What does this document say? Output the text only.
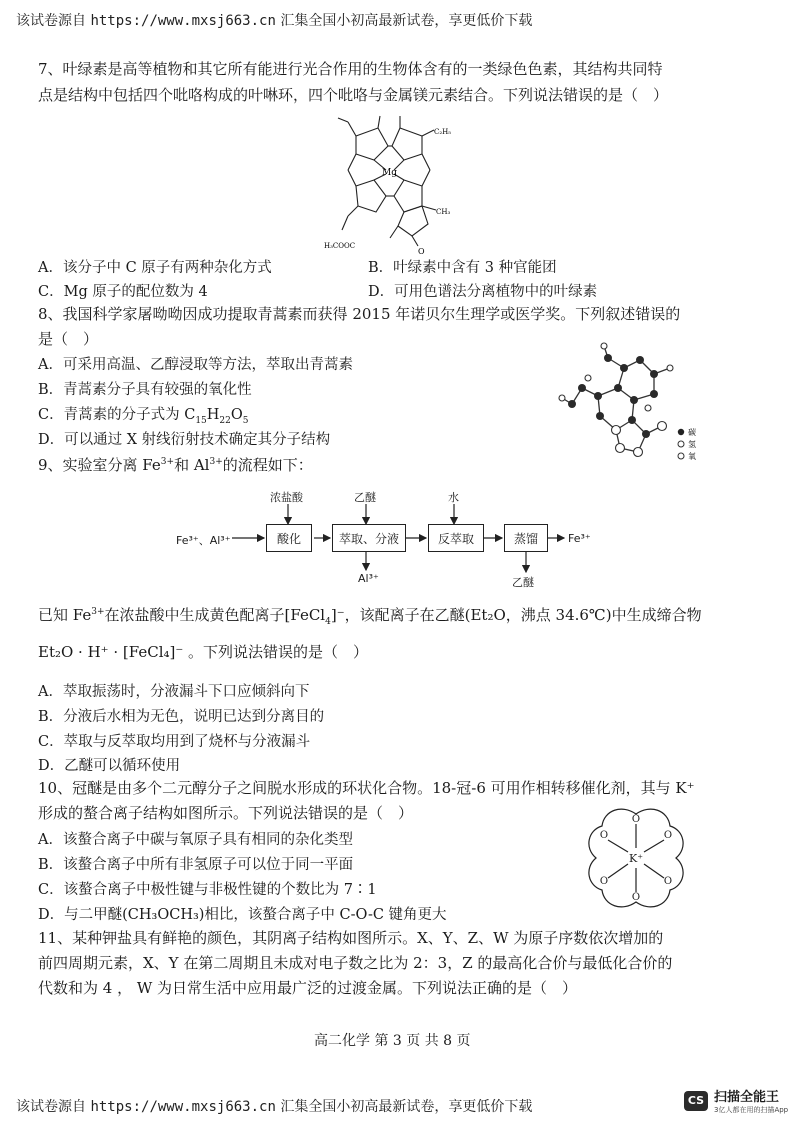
该试卷源自 https://www.mxsj663.cn 汇集全国小初高最新试卷，享更低价下载
7、叶绿素是高等植物和其它所有能进行光合作用的生物体含有的一类绿色色素，其结构共同特
点是结构中包括四个吡咯构成的叶啉环，四个吡咯与金属镁元素结合。下列说法错误的是（　）
Mg
C₂H₅
CH₃
H₃COOC
O
A．该分子中 C 原子有两种杂化方式	B．叶绿素中含有 3 种官能团
C．Mg 原子的配位数为 4	D．可用色谱法分离植物中的叶绿素
8、我国科学家屠呦呦因成功提取青蒿素而获得 2015 年诺贝尔生理学或医学奖。下列叙述错误的
是（　）
A．可采用高温、乙醇浸取等方法，萃取出青蒿素
B．青蒿素分子具有较强的氧化性
C．青蒿素的分子式为 $C_{15}H_{22}O_5$
D．可以通过 X 射线衍射技术确定其分子结构	碳
氢
氧
9、实验室分离 $Fe^{3+}$和 $Al^{3+}$的流程如下：
Fe³⁺、Al³⁺	酸化	萃取、分液	反萃取	蒸馏
浓盐酸	乙醚	水
Al³⁺
Fe³⁺
乙醚
已知 $Fe^{3+}$在浓盐酸中生成黄色配离子[FeCl$_4$]⁻，该配离子在乙醚(Et₂O，沸点 34.6℃)中生成缔合物
Et₂O · H⁺ · [FeCl₄]⁻ 。下列说法错误的是（　）
A．萃取振荡时，分液漏斗下口应倾斜向下
B．分液后水相为无色，说明已达到分离目的
C．萃取与反萃取均用到了烧杯与分液漏斗
D．乙醚可以循环使用
10、冠醚是由多个二元醇分子之间脱水形成的环状化合物。18-冠-6 可用作相转移催化剂，其与 K⁺
形成的螯合离子结构如图所示。下列说法错误的是（　）
A．该螯合离子中碳与氧原子具有相同的杂化类型
B．该螯合离子中所有非氢原子可以位于同一平面
C．该螯合离子中极性键与非极性键的个数比为 7∶1
D．与二甲醚(CH₃OCH₃)相比，该螯合离子中 C-O-C 键角更大
O
O	O
O	O
O
K⁺
11、某种钾盐具有鲜艳的颜色，其阴离子结构如图所示。X、Y、Z、W 为原子序数依次增加的
前四周期元素，X、Y 在第二周期且未成对电子数之比为 2：3，Z 的最高化合价与最低化合价的
代数和为 4 ， W 为日常生活中应用最广泛的过渡金属。下列说法正确的是（　）
高二化学 第 3 页 共 8 页
该试卷源自 https://www.mxsj663.cn 汇集全国小初高最新试卷，享更低价下载	CS 扫描全能王
3亿人都在用的扫描App
